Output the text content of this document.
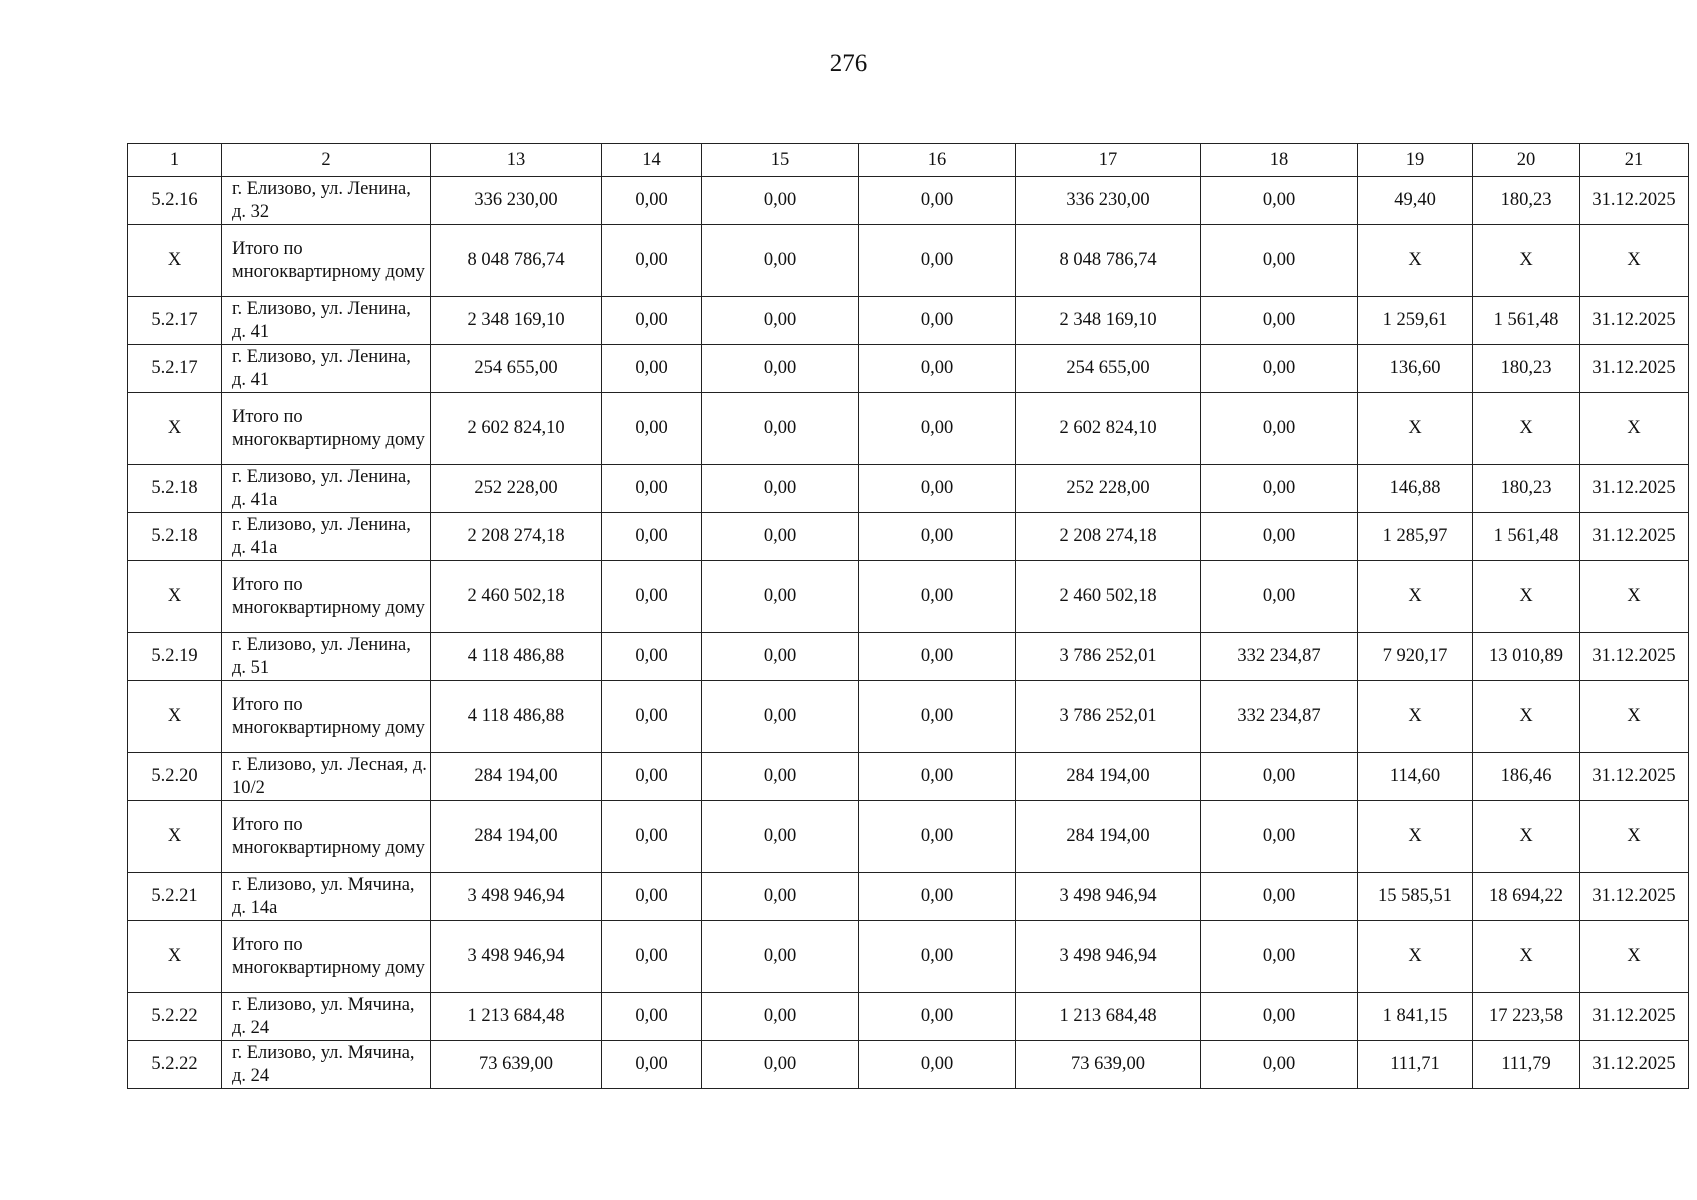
276
1	2	13	14	15	16	17	18	19	20	21
5.2.16	г. Елизово, ул. Ленина, д. 32	336 230,00	0,00	0,00	0,00	336 230,00	0,00	49,40	180,23	31.12.2025
X	Итого по многоквартирному дому	8 048 786,74	0,00	0,00	0,00	8 048 786,74	0,00	X	X	X
5.2.17	г. Елизово, ул. Ленина, д. 41	2 348 169,10	0,00	0,00	0,00	2 348 169,10	0,00	1 259,61	1 561,48	31.12.2025
5.2.17	г. Елизово, ул. Ленина, д. 41	254 655,00	0,00	0,00	0,00	254 655,00	0,00	136,60	180,23	31.12.2025
X	Итого по многоквартирному дому	2 602 824,10	0,00	0,00	0,00	2 602 824,10	0,00	X	X	X
5.2.18	г. Елизово, ул. Ленина, д. 41а	252 228,00	0,00	0,00	0,00	252 228,00	0,00	146,88	180,23	31.12.2025
5.2.18	г. Елизово, ул. Ленина, д. 41а	2 208 274,18	0,00	0,00	0,00	2 208 274,18	0,00	1 285,97	1 561,48	31.12.2025
X	Итого по многоквартирному дому	2 460 502,18	0,00	0,00	0,00	2 460 502,18	0,00	X	X	X
5.2.19	г. Елизово, ул. Ленина, д. 51	4 118 486,88	0,00	0,00	0,00	3 786 252,01	332 234,87	7 920,17	13 010,89	31.12.2025
X	Итого по многоквартирному дому	4 118 486,88	0,00	0,00	0,00	3 786 252,01	332 234,87	X	X	X
5.2.20	г. Елизово, ул. Лесная, д. 10/2	284 194,00	0,00	0,00	0,00	284 194,00	0,00	114,60	186,46	31.12.2025
X	Итого по многоквартирному дому	284 194,00	0,00	0,00	0,00	284 194,00	0,00	X	X	X
5.2.21	г. Елизово, ул. Мячина, д. 14а	3 498 946,94	0,00	0,00	0,00	3 498 946,94	0,00	15 585,51	18 694,22	31.12.2025
X	Итого по многоквартирному дому	3 498 946,94	0,00	0,00	0,00	3 498 946,94	0,00	X	X	X
5.2.22	г. Елизово, ул. Мячина, д. 24	1 213 684,48	0,00	0,00	0,00	1 213 684,48	0,00	1 841,15	17 223,58	31.12.2025
5.2.22	г. Елизово, ул. Мячина, д. 24	73 639,00	0,00	0,00	0,00	73 639,00	0,00	111,71	111,79	31.12.2025
